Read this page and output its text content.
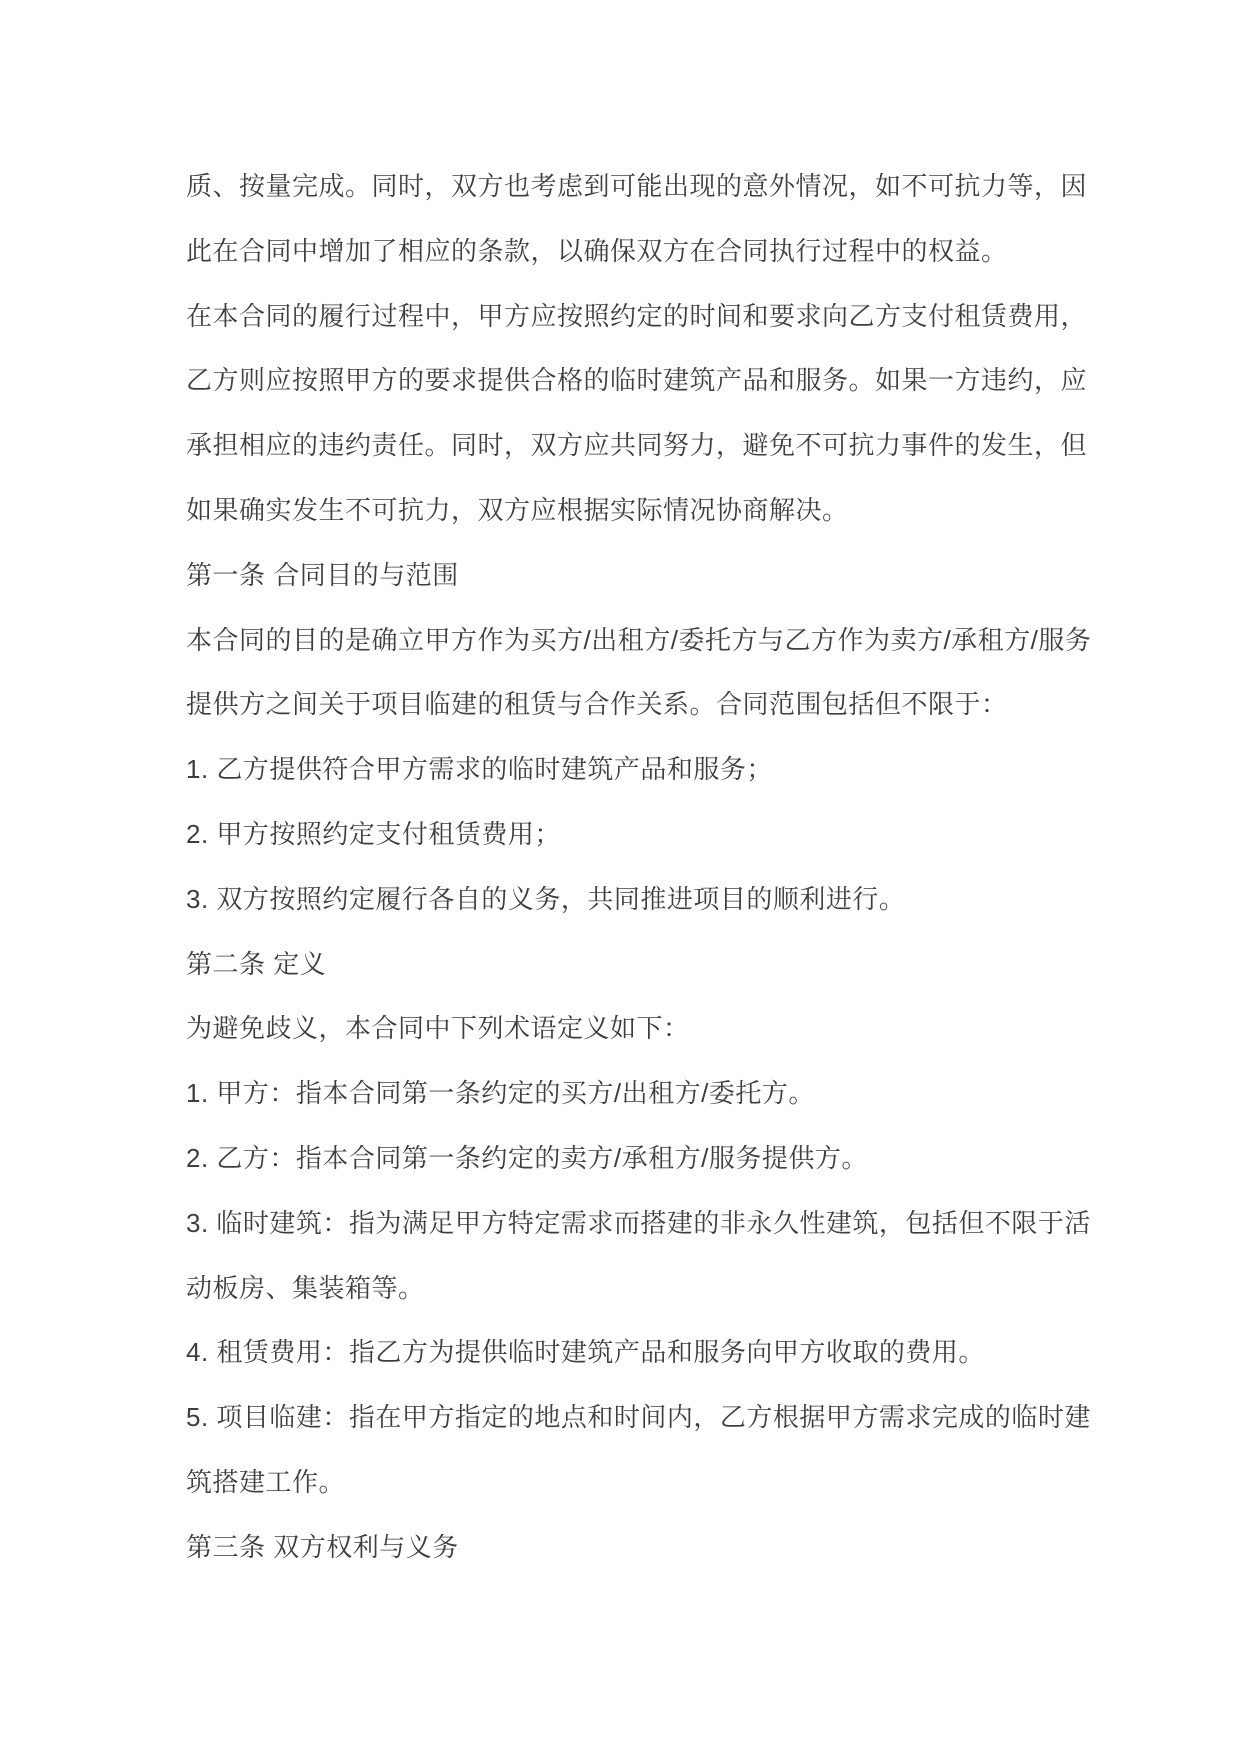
质、按量完成。同时，双方也考虑到可能出现的意外情况，如不可抗力等，因
此在合同中增加了相应的条款，以确保双方在合同执行过程中的权益。
在本合同的履行过程中，甲方应按照约定的时间和要求向乙方支付租赁费用，
乙方则应按照甲方的要求提供合格的临时建筑产品和服务。如果一方违约，应
承担相应的违约责任。同时，双方应共同努力，避免不可抗力事件的发生，但
如果确实发生不可抗力，双方应根据实际情况协商解决。
第一条 合同目的与范围
本合同的目的是确立甲方作为买方/出租方/委托方与乙方作为卖方/承租方/服务
提供方之间关于项目临建的租赁与合作关系。合同范围包括但不限于：
1. 乙方提供符合甲方需求的临时建筑产品和服务；
2. 甲方按照约定支付租赁费用；
3. 双方按照约定履行各自的义务，共同推进项目的顺利进行。
第二条 定义
为避免歧义，本合同中下列术语定义如下：
1. 甲方：指本合同第一条约定的买方/出租方/委托方。
2. 乙方：指本合同第一条约定的卖方/承租方/服务提供方。
3. 临时建筑：指为满足甲方特定需求而搭建的非永久性建筑，包括但不限于活
动板房、集装箱等。
4. 租赁费用：指乙方为提供临时建筑产品和服务向甲方收取的费用。
5. 项目临建：指在甲方指定的地点和时间内，乙方根据甲方需求完成的临时建
筑搭建工作。
第三条 双方权利与义务
